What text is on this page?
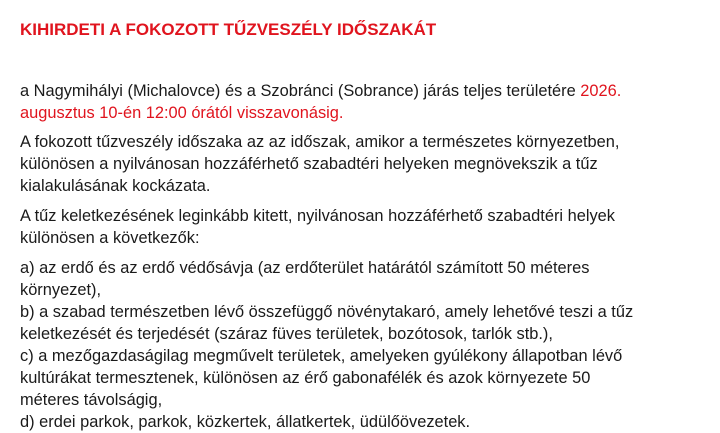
KIHIRDETI A FOKOZOTT TŰZVESZÉLY IDŐSZAKÁT

a Nagymihályi (Michalovce) és a Szobránci (Sobrance) járás teljes területére 2026.
augusztus 10-én 12:00 órától visszavonásig.

A fokozott tűzveszély időszaka az az időszak, amikor a természetes környezetben,
különösen a nyilvánosan hozzáférhető szabadtéri helyeken megnövekszik a tűz
kialakulásának kockázata.

A tűz keletkezésének leginkább kitett, nyilvánosan hozzáférhető szabadtéri helyek
különösen a következők:

a) az erdő és az erdő védősávja (az erdőterület határától számított 50 méteres
környezet),
b) a szabad természetben lévő összefüggő növénytakaró, amely lehetővé teszi a tűz
keletkezését és terjedését (száraz füves területek, bozótosok, tarlók stb.),
c) a mezőgazdaságilag megművelt területek, amelyeken gyúlékony állapotban lévő
kultúrákat termesztenek, különösen az érő gabonafélék és azok környezete 50
méteres távolságig,
d) erdei parkok, parkok, közkertek, állatkertek, üdülőövezetek.
